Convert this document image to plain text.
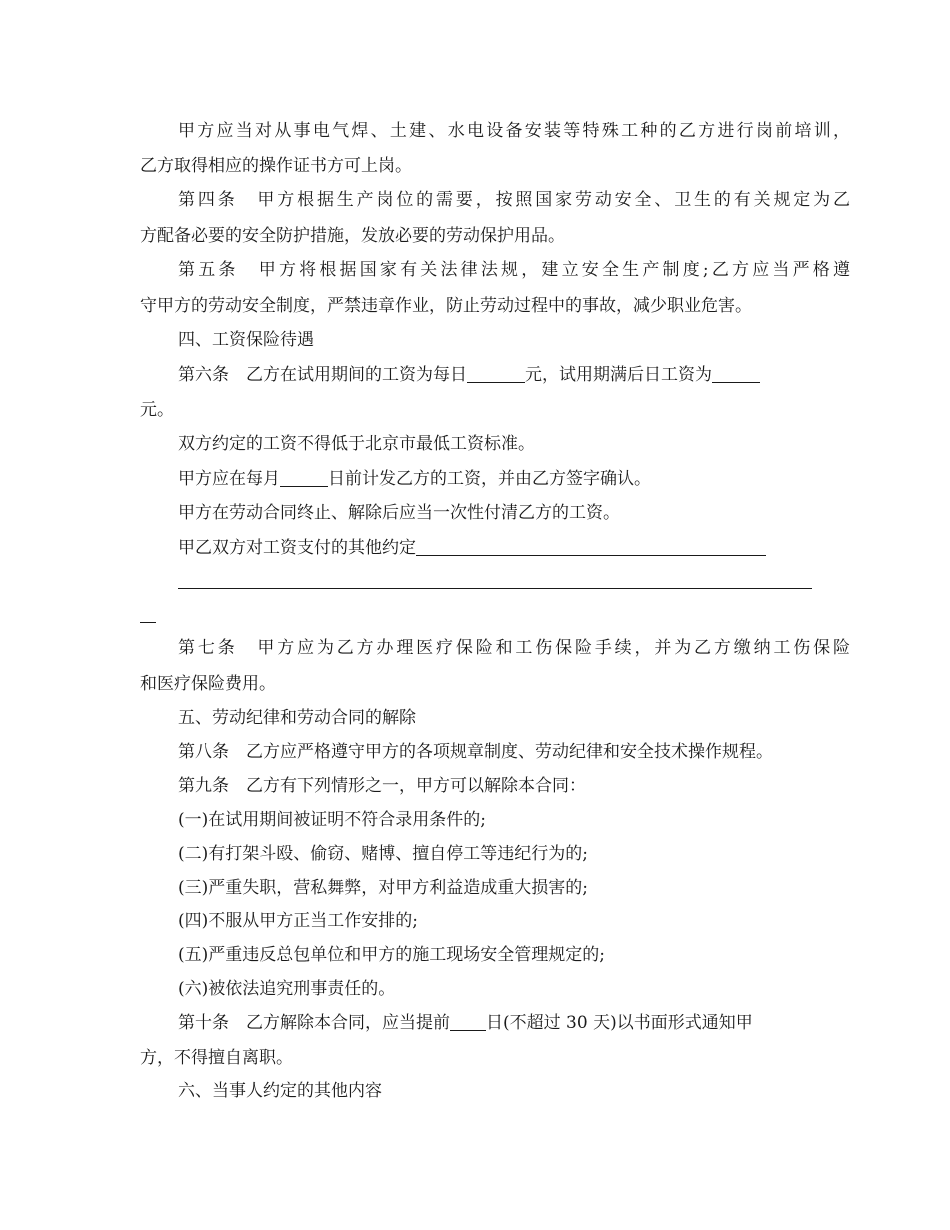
甲方应当对从事电气焊、土建、水电设备安装等特殊工种的乙方进行岗前培训，
乙方取得相应的操作证书方可上岗。
第四条　甲方根据生产岗位的需要，按照国家劳动安全、卫生的有关规定为乙
方配备必要的安全防护措施，发放必要的劳动保护用品。
第五条　甲方将根据国家有关法律法规，建立安全生产制度;乙方应当严格遵
守甲方的劳动安全制度，严禁违章作业，防止劳动过程中的事故，减少职业危害。
四、工资保险待遇
第六条　乙方在试用期间的工资为每日	元，试用期满后日工资为
元。
双方约定的工资不得低于北京市最低工资标准。
甲方应在每月	日前计发乙方的工资，并由乙方签字确认。
甲方在劳动合同终止、解除后应当一次性付清乙方的工资。
甲乙双方对工资支付的其他约定
第七条　甲方应为乙方办理医疗保险和工伤保险手续，并为乙方缴纳工伤保险
和医疗保险费用。
五、劳动纪律和劳动合同的解除
第八条　乙方应严格遵守甲方的各项规章制度、劳动纪律和安全技术操作规程。
第九条　乙方有下列情形之一，甲方可以解除本合同：
(一)在试用期间被证明不符合录用条件的;
(二)有打架斗殴、偷窃、赌博、擅自停工等违纪行为的;
(三)严重失职，营私舞弊，对甲方利益造成重大损害的;
(四)不服从甲方正当工作安排的;
(五)严重违反总包单位和甲方的施工现场安全管理规定的;
(六)被依法追究刑事责任的。
第十条　乙方解除本合同，应当提前 日(不超过 30 天)以书面形式通知甲
方，不得擅自离职。
六、当事人约定的其他内容
